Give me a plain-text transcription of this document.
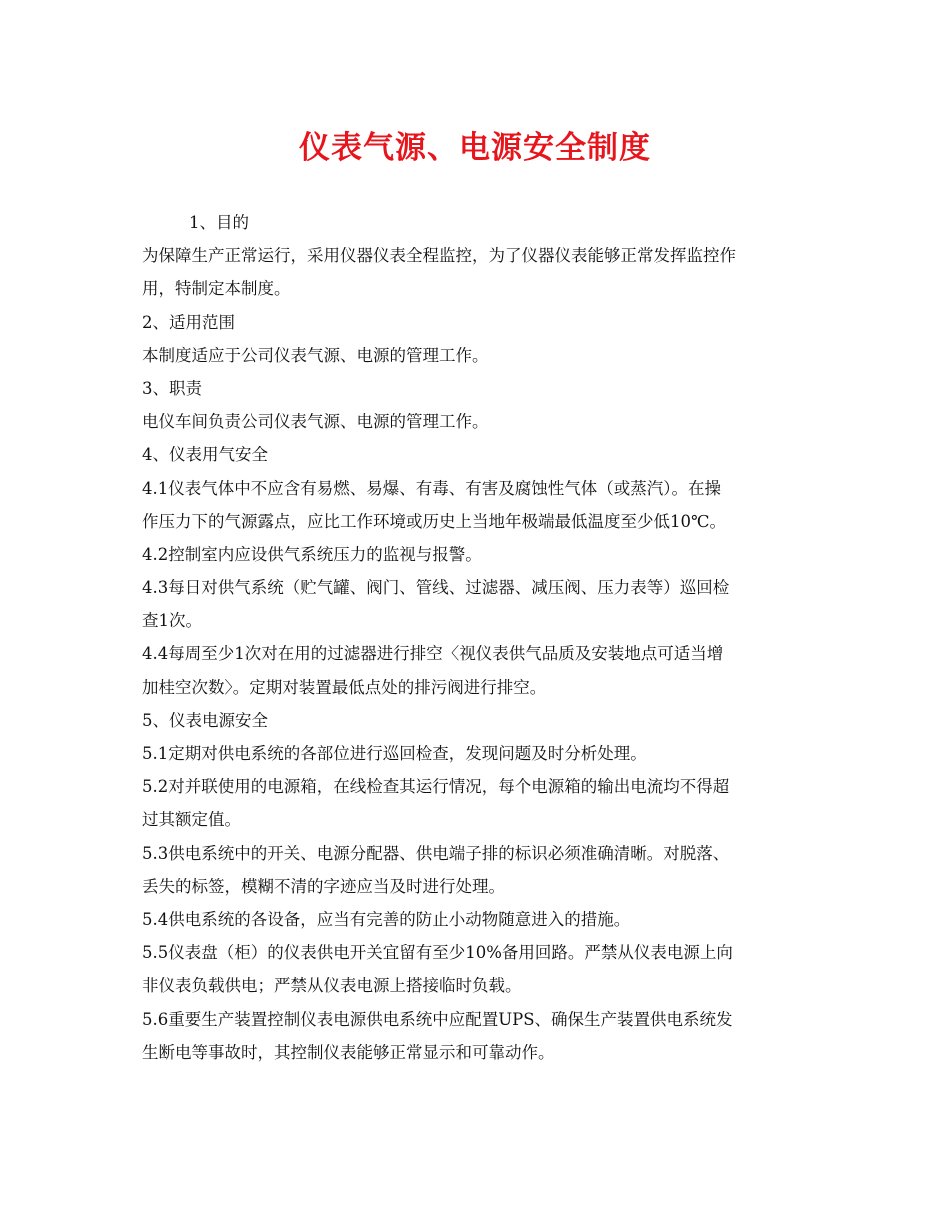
仪表气源、电源安全制度
1、目的
为保障生产正常运行，采用仪器仪表全程监控，为了仪器仪表能够正常发挥监控作
用，特制定本制度。
2、适用范围
本制度适应于公司仪表气源、电源的管理工作。
3、职责
电仪车间负责公司仪表气源、电源的管理工作。
4、仪表用气安全
4.1仪表气体中不应含有易燃、易爆、有毒、有害及腐蚀性气体（或蒸汽）。在操
作压力下的气源露点，应比工作环境或历史上当地年极端最低温度至少低10℃。
4.2控制室内应设供气系统压力的监视与报警。
4.3每日对供气系统（贮气罐、阀门、管线、过滤器、减压阀、压力表等）巡回检
查1次。
4.4每周至少1次对在用的过滤器进行排空〈视仪表供气品质及安装地点可适当增
加桂空次数〉。定期对装置最低点处的排污阀进行排空。
5、仪表电源安全
5.1定期对供电系统的各部位进行巡回检查，发现问题及时分析处理。
5.2对并联使用的电源箱，在线检查其运行情况，每个电源箱的输出电流均不得超
过其额定值。
5.3供电系统中的开关、电源分配器、供电端子排的标识必须准确清晰。对脱落、
丢失的标签，模糊不清的字迹应当及时进行处理。
5.4供电系统的各设备，应当有完善的防止小动物随意进入的措施。
5.5仪表盘（柜）的仪表供电开关宜留有至少10%备用回路。严禁从仪表电源上向
非仪表负载供电；严禁从仪表电源上搭接临时负载。
5.6重要生产装置控制仪表电源供电系统中应配置UPS、确保生产装置供电系统发
生断电等事故时，其控制仪表能够正常显示和可靠动作。
